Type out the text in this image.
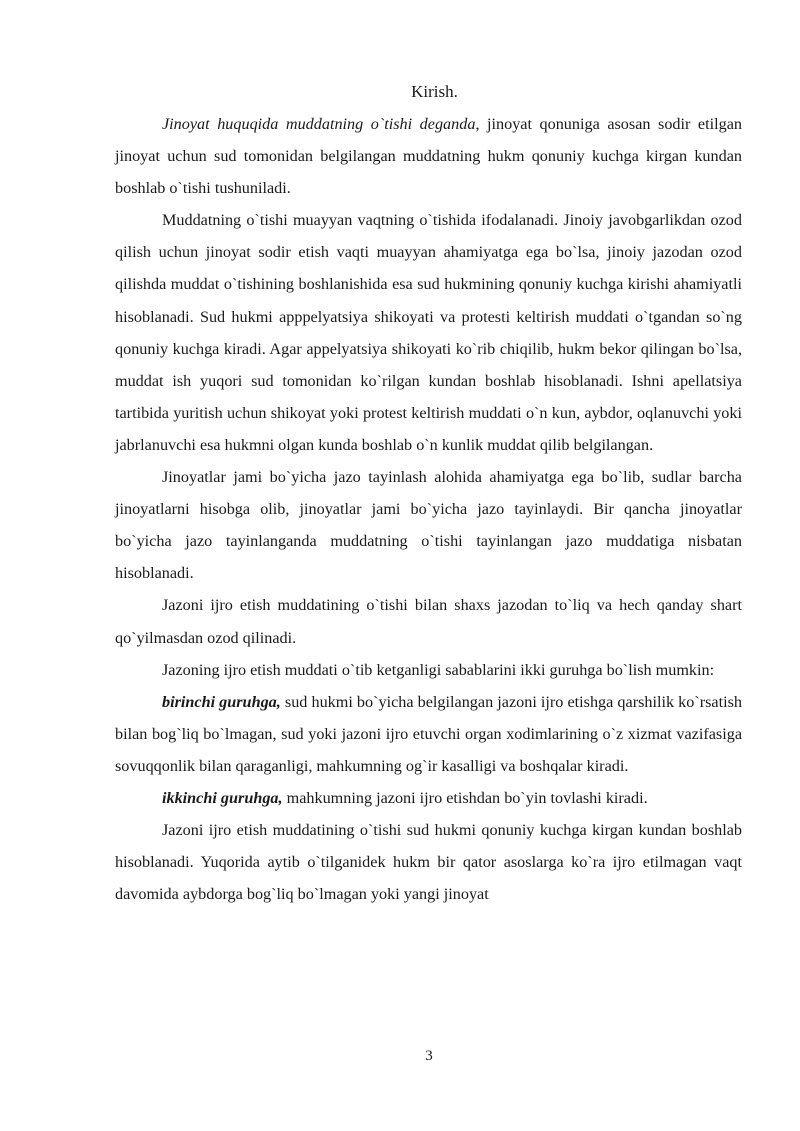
Kirish.

Jinoyat huquqida muddatning o`tishi deganda, jinoyat qonuniga asosan sodir etilgan jinoyat uchun sud tomonidan belgilangan muddatning hukm qonuniy kuchga kirgan kundan boshlab o`tishi tushuniladi.

Muddatning o`tishi muayyan vaqtning o`tishida ifodalanadi. Jinoiy javobgarlikdan ozod qilish uchun jinoyat sodir etish vaqti muayyan ahamiyatga ega bo`lsa, jinoiy jazodan ozod qilishda muddat o`tishining boshlanishida esa sud hukmining qonuniy kuchga kirishi ahamiyatli hisoblanadi. Sud hukmi apppelyatsiya shikoyati va protesti keltirish muddati o`tgandan so`ng qonuniy kuchga kiradi. Agar appelyatsiya shikoyati ko`rib chiqilib, hukm bekor qilingan bo`lsa, muddat ish yuqori sud tomonidan ko`rilgan kundan boshlab hisoblanadi. Ishni apellatsiya tartibida yuritish uchun shikoyat yoki protest keltirish muddati o`n kun, aybdor, oqlanuvchi yoki jabrlanuvchi esa hukmni olgan kunda boshlab o`n kunlik muddat qilib belgilangan.

Jinoyatlar jami bo`yicha jazo tayinlash alohida ahamiyatga ega bo`lib, sudlar barcha jinoyatlarni hisobga olib, jinoyatlar jami bo`yicha jazo tayinlaydi. Bir qancha jinoyatlar bo`yicha jazo tayinlanganda muddatning o`tishi tayinlangan jazo muddatiga nisbatan hisoblanadi.

Jazoni ijro etish muddatining o`tishi bilan shaxs jazodan to`liq va hech qanday shart qo`yilmasdan ozod qilinadi.

Jazoning ijro etish muddati o`tib ketganligi sabablarini ikki guruhga bo`lish mumkin:

birinchi guruhga, sud hukmi bo`yicha belgilangan jazoni ijro etishga qarshilik ko`rsatish bilan bog`liq bo`lmagan, sud yoki jazoni ijro etuvchi organ xodimlarining o`z xizmat vazifasiga sovuqqonlik bilan qaraganligi, mahkumning og`ir kasalligi va boshqalar kiradi.

ikkinchi guruhga, mahkumning jazoni ijro etishdan bo`yin tovlashi kiradi.

Jazoni ijro etish muddatining o`tishi sud hukmi qonuniy kuchga kirgan kundan boshlab hisoblanadi. Yuqorida aytib o`tilganidek hukm bir qator asoslarga ko`ra ijro etilmagan vaqt davomida aybdorga bog`liq bo`lmagan yoki yangi jinoyat

3
